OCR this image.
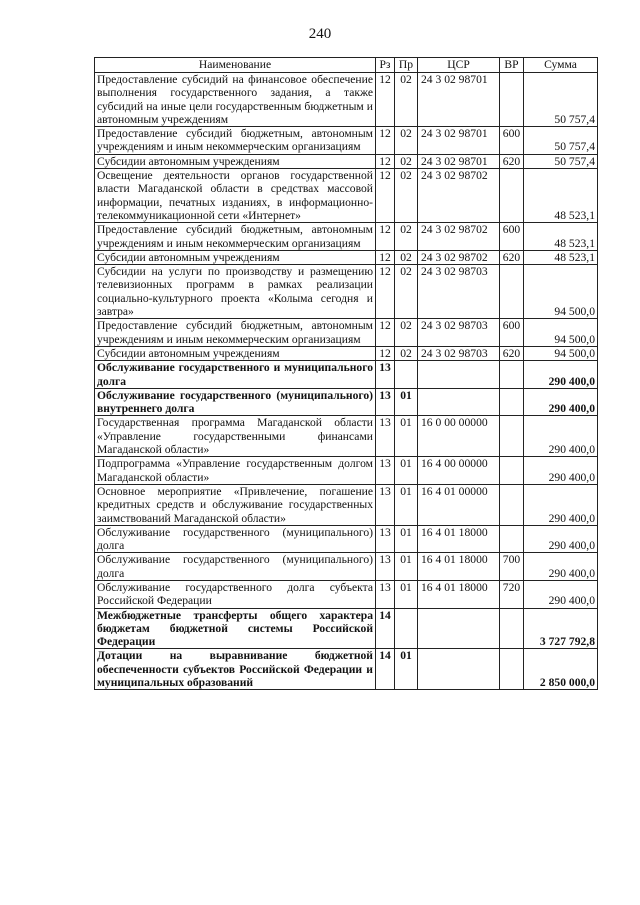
240
Наименование	Рз	Пр	ЦСР	ВР	Сумма
Предоставление субсидий на финансовое обеспечение выполнения государственного задания, а также субсидий на иные цели государственным бюджетным и автономным учреждениям	12	02	24 3 02 98701		50 757,4
Предоставление субсидий бюджетным, автономным учреждениям и иным некоммерческим организациям	12	02	24 3 02 98701	600	50 757,4
Субсидии автономным учреждениям	12	02	24 3 02 98701	620	50 757,4
Освещение деятельности органов государственной власти Магаданской области в средствах массовой информации, печатных изданиях, в информационно-телекоммуникационной сети «Интернет»	12	02	24 3 02 98702		48 523,1
Предоставление субсидий бюджетным, автономным учреждениям и иным некоммерческим организациям	12	02	24 3 02 98702	600	48 523,1
Субсидии автономным учреждениям	12	02	24 3 02 98702	620	48 523,1
Субсидии на услуги по производству и размещению телевизионных программ в рамках реализации социально-культурного проекта «Колыма сегодня и завтра»	12	02	24 3 02 98703		94 500,0
Предоставление субсидий бюджетным, автономным учреждениям и иным некоммерческим организациям	12	02	24 3 02 98703	600	94 500,0
Субсидии автономным учреждениям	12	02	24 3 02 98703	620	94 500,0
Обслуживание государственного и муниципального долга	13				290 400,0
Обслуживание государственного (муниципального) внутреннего долга	13	01			290 400,0
Государственная программа Магаданской области «Управление государственными финансами Магаданской области»	13	01	16 0 00 00000		290 400,0
Подпрограмма «Управление государственным долгом Магаданской области»	13	01	16 4 00 00000		290 400,0
Основное мероприятие «Привлечение, погашение кредитных средств и обслуживание государственных заимствований Магаданской области»	13	01	16 4 01 00000		290 400,0
Обслуживание государственного (муниципального) долга	13	01	16 4 01 18000		290 400,0
Обслуживание государственного (муниципального) долга	13	01	16 4 01 18000	700	290 400,0
Обслуживание государственного долга субъекта Российской Федерации	13	01	16 4 01 18000	720	290 400,0
Межбюджетные трансферты общего характера бюджетам бюджетной системы Российской Федерации	14				3 727 792,8
Дотации на выравнивание бюджетной обеспеченности субъектов Российской Федерации и муниципальных образований	14	01			2 850 000,0
